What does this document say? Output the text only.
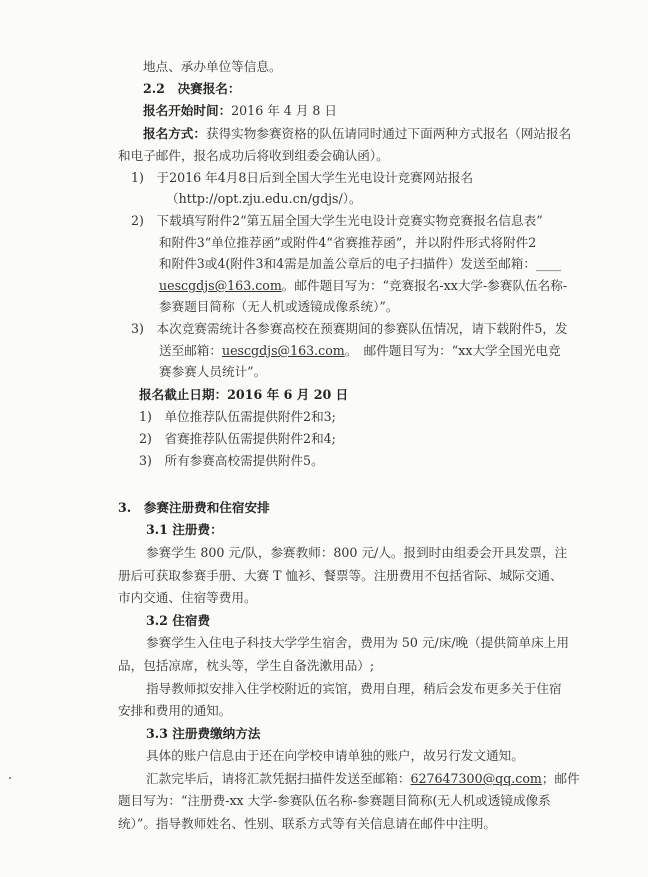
地点、承办单位等信息。
2.2　决赛报名：
报名开始时间：2016 年 4 月 8 日
报名方式：获得实物参赛资格的队伍请同时通过下面两种方式报名（网站报名
和电子邮件，报名成功后将收到组委会确认函）。
1)　于2016 年4月8日后到全国大学生光电设计竞赛网站报名
（http://opt.zju.edu.cn/gdjs/）。
2)　下载填写附件2“第五届全国大学生光电设计竞赛实物竞赛报名信息表”
和附件3“单位推荐函”或附件4“省赛推荐函”，并以附件形式将附件2
和附件3或4(附件3和4需是加盖公章后的电子扫描件）发送至邮箱：____
uescgdjs@163.com。邮件题目写为：“竞赛报名-xx大学-参赛队伍名称-
参赛题目简称（无人机或透镜成像系统）”。
3)　本次竞赛需统计各参赛高校在预赛期间的参赛队伍情况，请下载附件5，发
送至邮箱：uescgdjs@163.com。　邮件题目写为：“xx大学全国光电竞
赛参赛人员统计”。
报名截止日期：2016 年 6 月 20 日
1)　单位推荐队伍需提供附件2和3;
2)　省赛推荐队伍需提供附件2和4;
3)　所有参赛高校需提供附件5。
3.　参赛注册费和住宿安排
3.1 注册费：
参赛学生 800 元/队，参赛教师：800 元/人。报到时由组委会开具发票，注
册后可获取参赛手册、大赛 T 恤衫、餐票等。注册费用不包括省际、城际交通、
市内交通、住宿等费用。
3.2 住宿费
参赛学生入住电子科技大学学生宿舍，费用为 50 元/床/晚（提供简单床上用
品，包括凉席，枕头等，学生自备洗漱用品）;
指导教师拟安排入住学校附近的宾馆，费用自理，稍后会发布更多关于住宿
安排和费用的通知。
3.3 注册费缴纳方法
具体的账户信息由于还在向学校申请单独的账户，故另行发文通知。
汇款完毕后，请将汇款凭据扫描件发送至邮箱：627647300@qq.com；邮件
题目写为：“注册费-xx 大学-参赛队伍名称-参赛题目简称(无人机或透镜成像系
统）”。指导教师姓名、性别、联系方式等有关信息请在邮件中注明。
